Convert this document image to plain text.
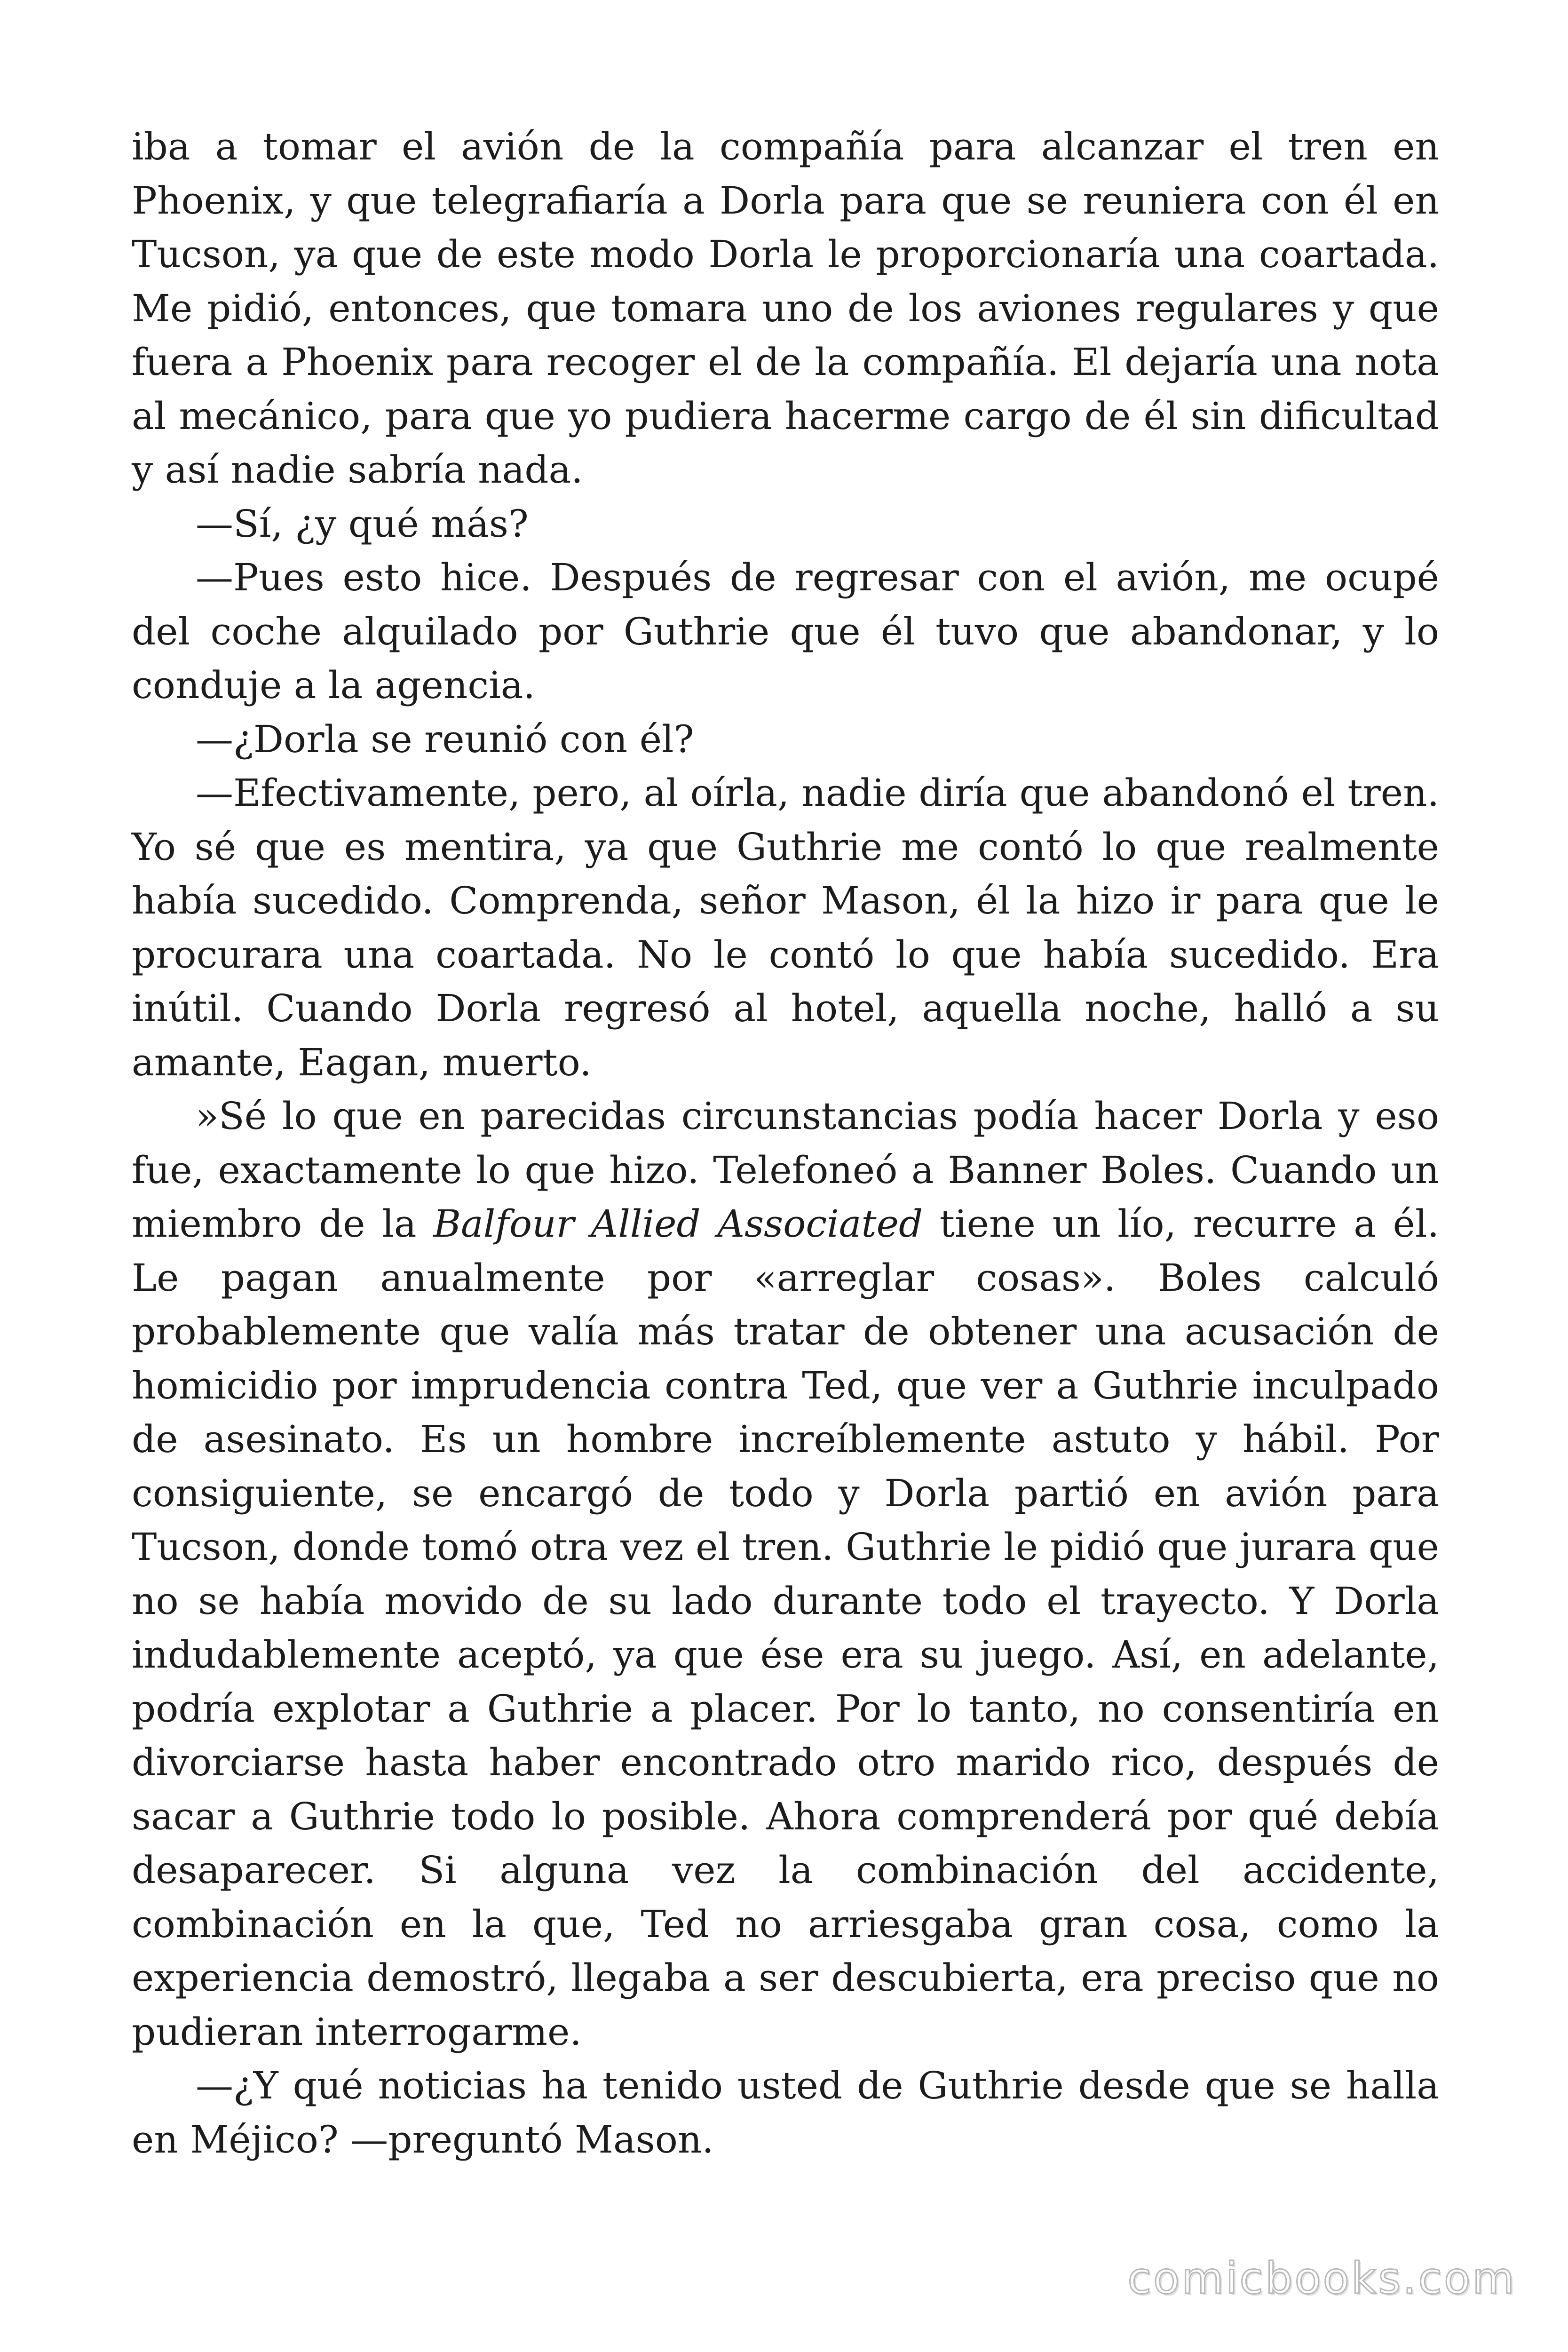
iba a tomar el avión de la compañía para alcanzar el tren en Phoenix, y que telegrafiaría a Dorla para que se reuniera con él en Tucson, ya que de este modo Dorla le proporcionaría una coartada. Me pidió, entonces, que tomara uno de los aviones regulares y que fuera a Phoenix para recoger el de la compañía. El dejaría una nota al mecánico, para que yo pudiera hacerme cargo de él sin dificultad y así nadie sabría nada.

—Sí, ¿y qué más?

—Pues esto hice. Después de regresar con el avión, me ocupé del coche alquilado por Guthrie que él tuvo que abandonar, y lo conduje a la agencia.

—¿Dorla se reunió con él?

—Efectivamente, pero, al oírla, nadie diría que abandonó el tren. Yo sé que es mentira, ya que Guthrie me contó lo que realmente había sucedido. Comprenda, señor Mason, él la hizo ir para que le procurara una coartada. No le contó lo que había sucedido. Era inútil. Cuando Dorla regresó al hotel, aquella noche, halló a su amante, Eagan, muerto.

»Sé lo que en parecidas circunstancias podía hacer Dorla y eso fue, exactamente lo que hizo. Telefoneó a Banner Boles. Cuando un miembro de la Balfour Allied Associated tiene un lío, recurre a él. Le pagan anualmente por «arreglar cosas». Boles calculó probablemente que valía más tratar de obtener una acusación de homicidio por imprudencia contra Ted, que ver a Guthrie inculpado de asesinato. Es un hombre increíblemente astuto y hábil. Por consiguiente, se encargó de todo y Dorla partió en avión para Tucson, donde tomó otra vez el tren. Guthrie le pidió que jurara que no se había movido de su lado durante todo el trayecto. Y Dorla indudablemente aceptó, ya que ése era su juego. Así, en adelante, podría explotar a Guthrie a placer. Por lo tanto, no consentiría en divorciarse hasta haber encontrado otro marido rico, después de sacar a Guthrie todo lo posible. Ahora comprenderá por qué debía desaparecer. Si alguna vez la combinación del accidente, combinación en la que, Ted no arriesgaba gran cosa, como la experiencia demostró, llegaba a ser descubierta, era preciso que no pudieran interrogarme.

—¿Y qué noticias ha tenido usted de Guthrie desde que se halla en Méjico? —preguntó Mason.

comicbooks.com
